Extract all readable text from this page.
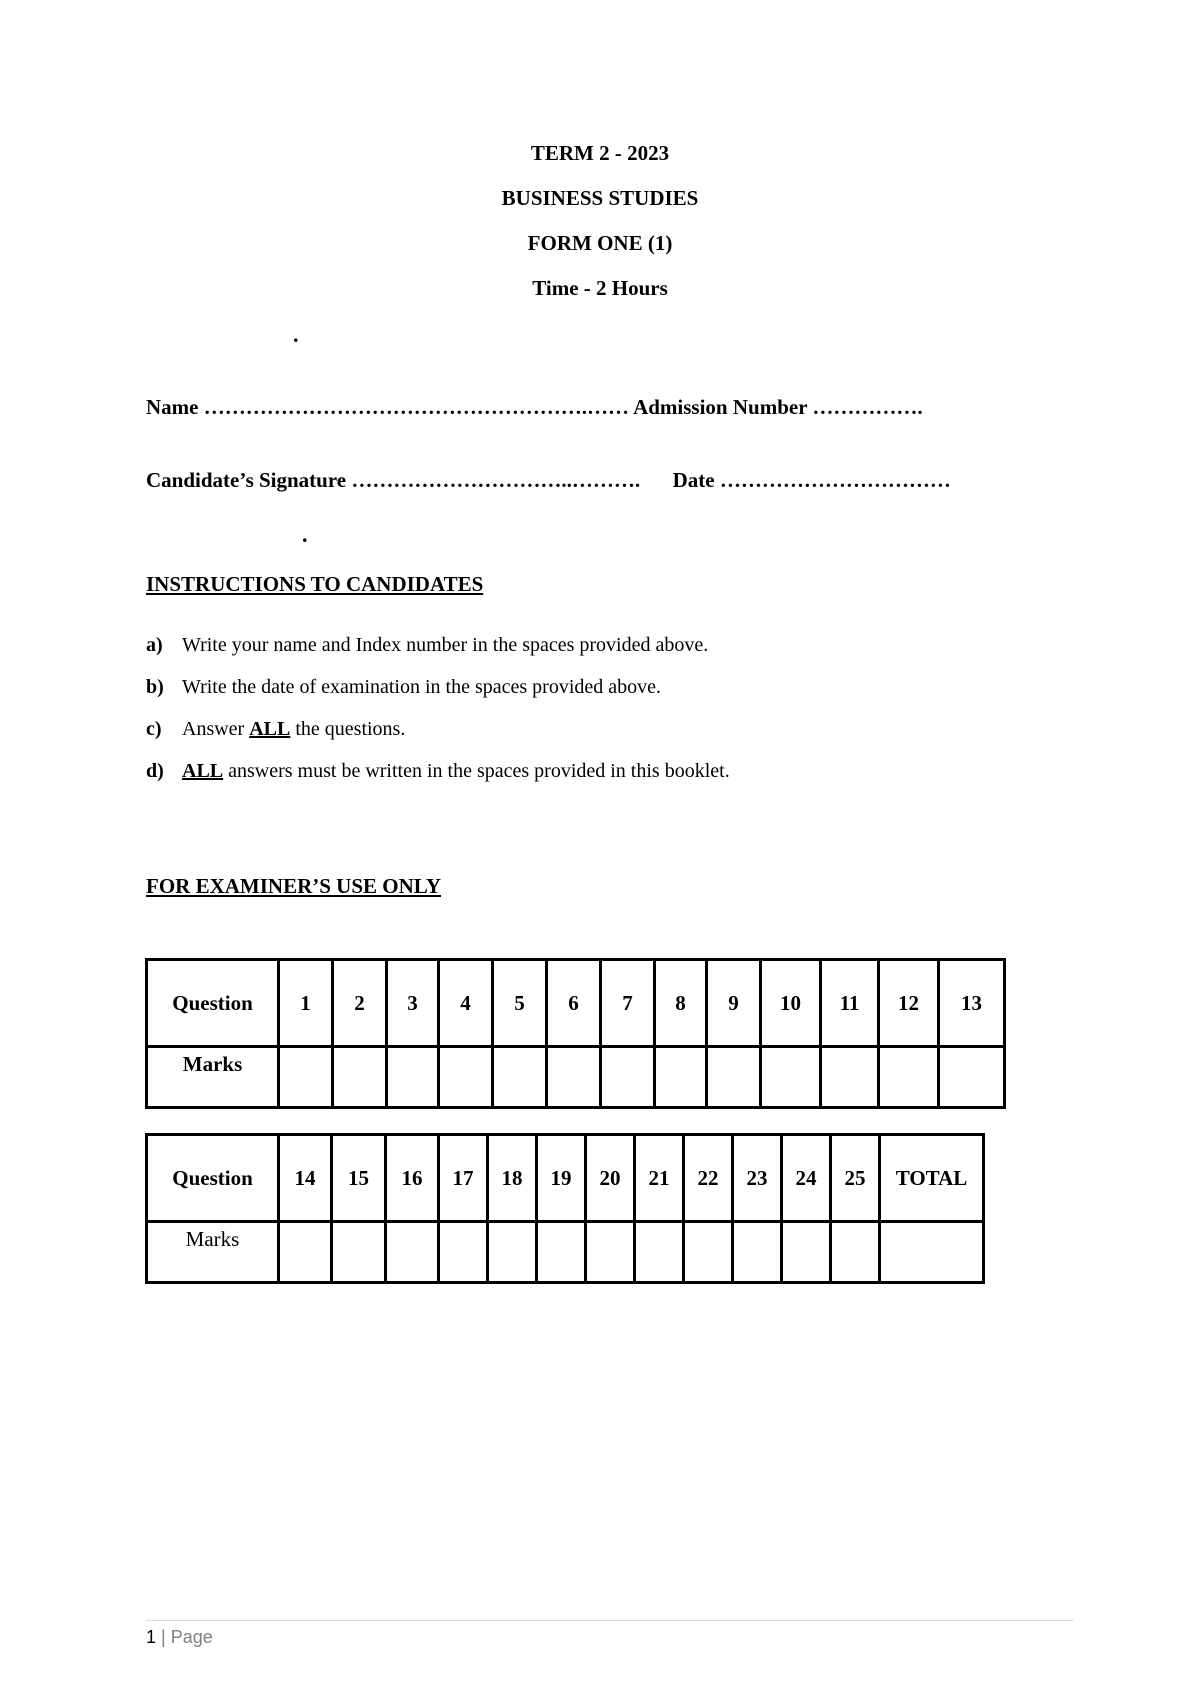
TERM 2 - 2023
BUSINESS STUDIES
FORM ONE (1)
Time - 2 Hours
.
Name ……………………………………………….…… Admission Number …………….
Candidate’s Signature …………………………..………. Date ……………………………
.
INSTRUCTIONS TO CANDIDATES
a) Write your name and Index number in the spaces provided above.
b) Write the date of examination in the spaces provided above.
c) Answer ALL the questions.
d) ALL answers must be written in the spaces provided in this booklet.
FOR EXAMINER’S USE ONLY
Question	1	2	3	4	5	6	7	8	9	10	11	12	13
Marks													
Question	14	15	16	17	18	19	20	21	22	23	24	25	TOTAL
Marks													
1 | Page
